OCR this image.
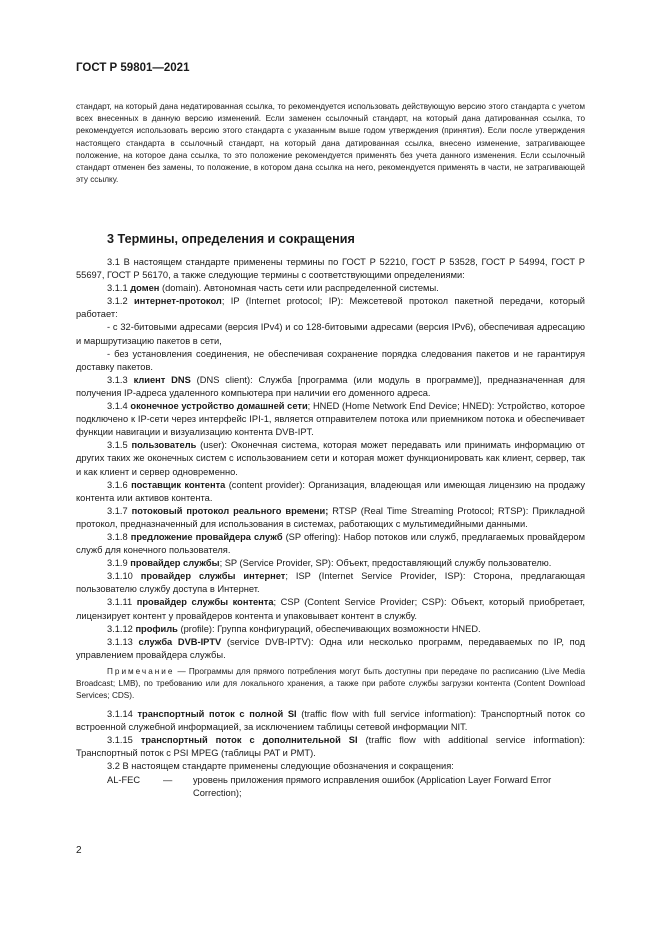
ГОСТ Р 59801—2021

стандарт, на который дана недатированная ссылка, то рекомендуется использовать действующую версию этого стандарта с учетом всех внесенных в данную версию изменений. Если заменен ссылочный стандарт, на который дана датированная ссылка, то рекомендуется использовать версию этого стандарта с указанным выше годом утверждения (принятия). Если после утверждения настоящего стандарта в ссылочный стандарт, на который дана датированная ссылка, внесено изменение, затрагивающее положение, на которое дана ссылка, то это положение рекомендуется применять без учета данного изменения. Если ссылочный стандарт отменен без замены, то положение, в котором дана ссылка на него, рекомендуется применять в части, не затрагивающей эту ссылку.

3 Термины, определения и сокращения

3.1 В настоящем стандарте применены термины по ГОСТ Р 52210, ГОСТ Р 53528, ГОСТ Р 54994, ГОСТ Р 55697, ГОСТ Р 56170, а также следующие термины с соответствующими определениями:

3.1.1 домен (domain). Автономная часть сети или распределенной системы.

3.1.2 интернет-протокол; IP (Internet protocol; IP): Межсетевой протокол пакетной передачи, который работает:

- с 32-битовыми адресами (версия IPv4) и со 128-битовыми адресами (версия IPv6), обеспечивая адресацию и маршрутизацию пакетов в сети,

- без установления соединения, не обеспечивая сохранение порядка следования пакетов и не гарантируя доставку пакетов.

3.1.3 клиент DNS (DNS client): Служба [программа (или модуль в программе)], предназначенная для получения IP-адреса удаленного компьютера при наличии его доменного адреса.

3.1.4 оконечное устройство домашней сети; HNED (Home Network End Device; HNED): Устройство, которое подключено к IP-сети через интерфейс IPI-1, является отправителем потока или приемником потока и обеспечивает функции навигации и визуализацию контента DVB-IPT.

3.1.5 пользователь (user): Оконечная система, которая может передавать или принимать информацию от других таких же оконечных систем с использованием сети и которая может функционировать как клиент, сервер, так и как клиент и сервер одновременно.

3.1.6 поставщик контента (content provider): Организация, владеющая или имеющая лицензию на продажу контента или активов контента.

3.1.7 потоковый протокол реального времени; RTSP (Real Time Streaming Protocol; RTSP): Прикладной протокол, предназначенный для использования в системах, работающих с мультимедийными данными.

3.1.8 предложение провайдера служб (SP offering): Набор потоков или служб, предлагаемых провайдером служб для конечного пользователя.

3.1.9 провайдер службы; SP (Service Provider, SP): Объект, предоставляющий службу пользователю.

3.1.10 провайдер службы интернет; ISP (Internet Service Provider, ISP): Сторона, предлагающая пользователю службу доступа в Интернет.

3.1.11 провайдер службы контента; CSP (Content Service Provider; CSP): Объект, который приобретает, лицензирует контент у провайдеров контента и упаковывает контент в службу.

3.1.12 профиль (profile): Группа конфигураций, обеспечивающих возможности HNED.

3.1.13 служба DVB-IPTV (service DVB-IPTV): Одна или несколько программ, передаваемых по IP, под управлением провайдера службы.

Примечание — Программы для прямого потребления могут быть доступны при передаче по расписанию (Live Media Broadcast; LMB), по требованию или для локального хранения, а также при работе службы загрузки контента (Content Download Services; CDS).

3.1.14 транспортный поток с полной SI (traffic flow with full service information): Транспортный поток со встроенной служебной информацией, за исключением таблицы сетевой информации NIT.

3.1.15 транспортный поток с дополнительной SI (traffic flow with additional service information): Транспортный поток с PSI MPEG (таблицы PAT и PMT).

3.2 В настоящем стандарте применены следующие обозначения и сокращения:

AL-FEC	—	уровень приложения прямого исправления ошибок (Application Layer Forward Error Correction);
2
